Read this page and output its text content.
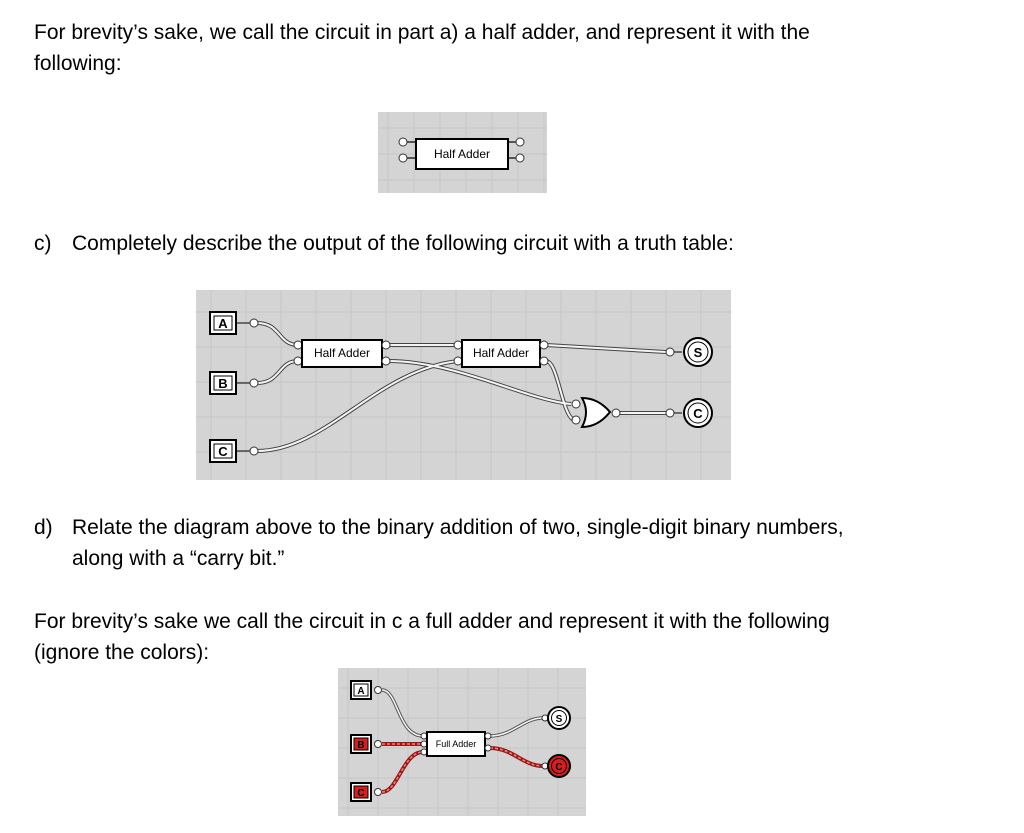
For brevity’s sake, we call the circuit in part a) a half adder, and represent it with the
following:

Half Adder

c) Completely describe the output of the following circuit with a truth table:

A
B
C
Half Adder	Half Adder	S
C

d) Relate the diagram above to the binary addition of two, single-digit binary numbers,
along with a “carry bit.”

For brevity’s sake we call the circuit in c a full adder and represent it with the following
(ignore the colors):

A
B
C
Full Adder
S
C
